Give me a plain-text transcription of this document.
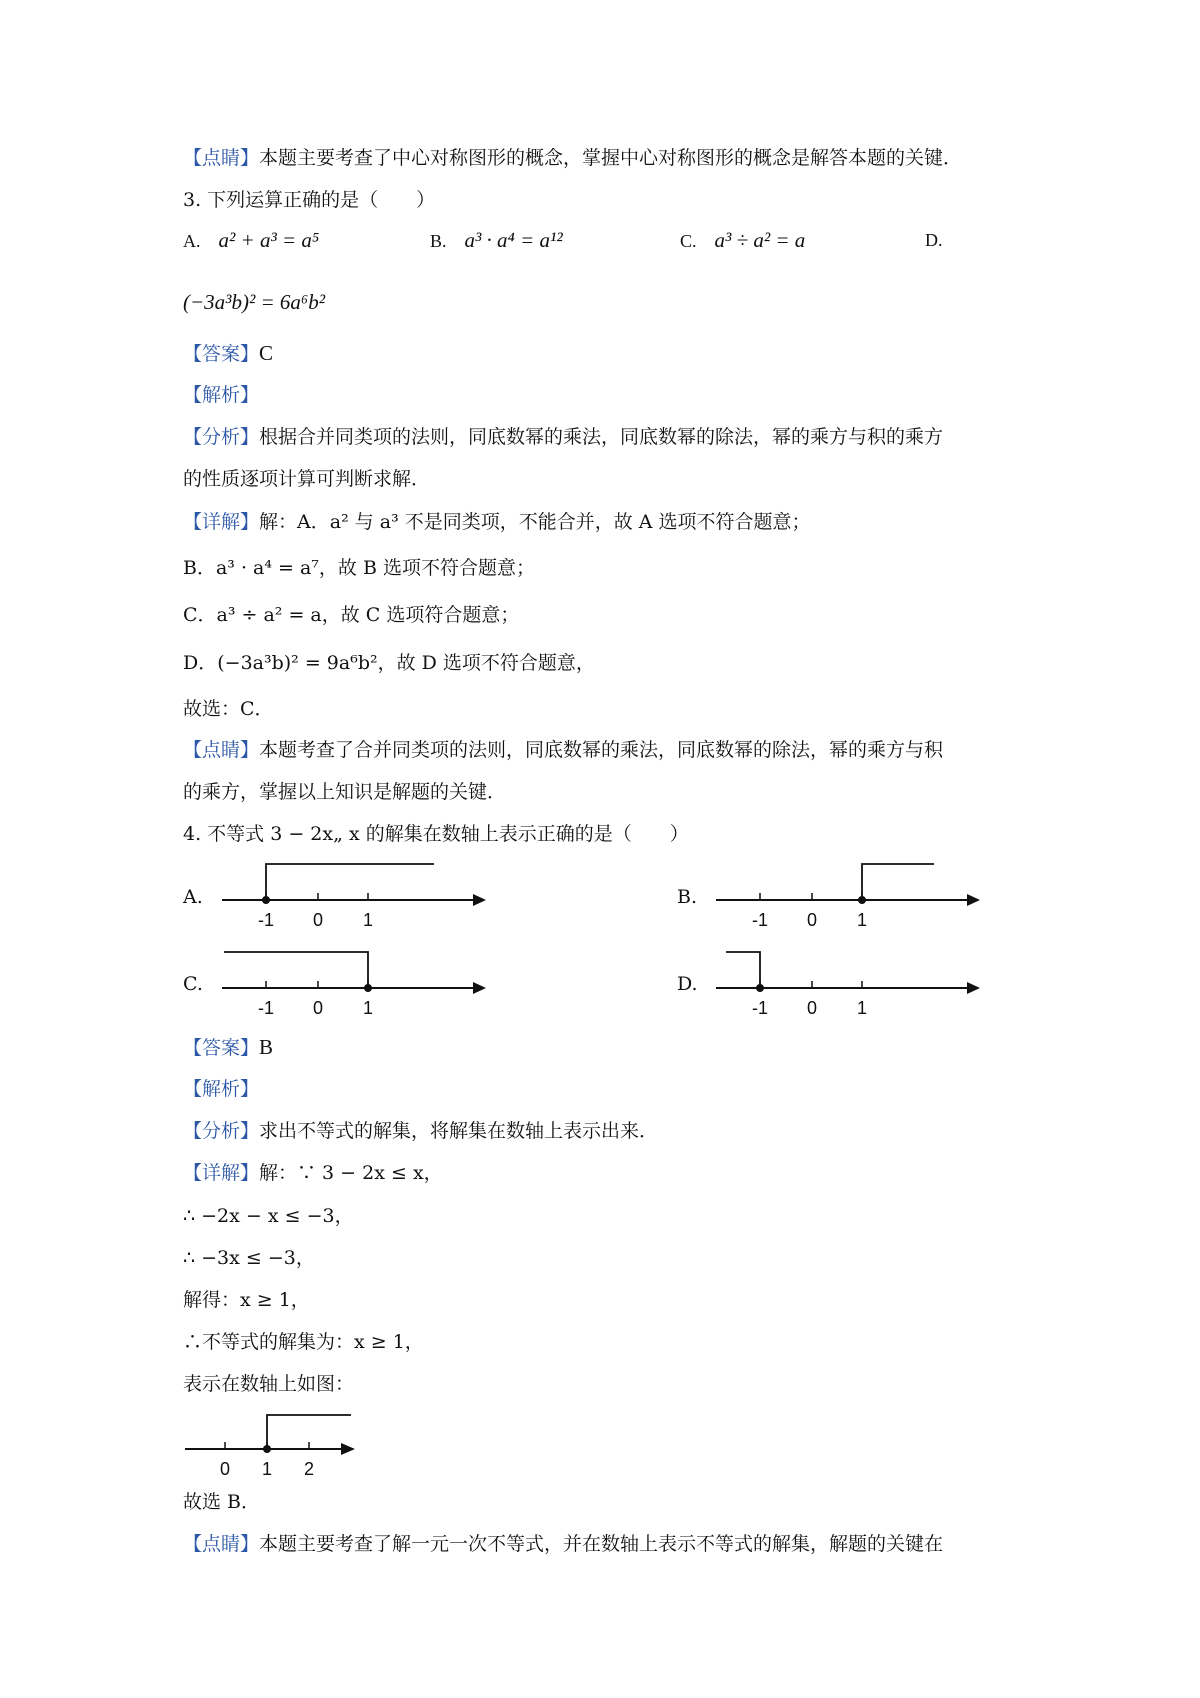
【点睛】本题主要考查了中心对称图形的概念，掌握中心对称图形的概念是解答本题的关键．
3. 下列运算正确的是（　　）
A. a² + a³ = a⁵	B. a³ · a⁴ = a¹²	C. a³ ÷ a² = a	D.
(−3a³b)² = 6a⁶b²
【答案】C
【解析】
【分析】根据合并同类项的法则，同底数幂的乘法，同底数幂的除法，幂的乘方与积的乘方
的性质逐项计算可判断求解．
【详解】解：A．a² 与 a³ 不是同类项，不能合并，故 A 选项不符合题意；
B．a³ · a⁴ = a⁷，故 B 选项不符合题意；
C．a³ ÷ a² = a，故 C 选项符合题意；
D．(−3a³b)² = 9a⁶b²，故 D 选项不符合题意，
故选：C．
【点睛】本题考查了合并同类项的法则，同底数幂的乘法，同底数幂的除法，幂的乘方与积
的乘方，掌握以上知识是解题的关键．
4. 不等式 3 − 2x„ x 的解集在数轴上表示正确的是（　　）
A.	B.
C.	D.
-1 0 1	-1 0 1
-1 0 1	-1 0 1
【答案】B
【解析】
【分析】求出不等式的解集，将解集在数轴上表示出来．
【详解】解：∵ 3 − 2x ≤ x，
∴ −2x − x ≤ −3，
∴ −3x ≤ −3，
解得：x ≥ 1，
∴不等式的解集为：x ≥ 1，
表示在数轴上如图：
0 1 2
故选 B．
【点睛】本题主要考查了解一元一次不等式，并在数轴上表示不等式的解集，解题的关键在
